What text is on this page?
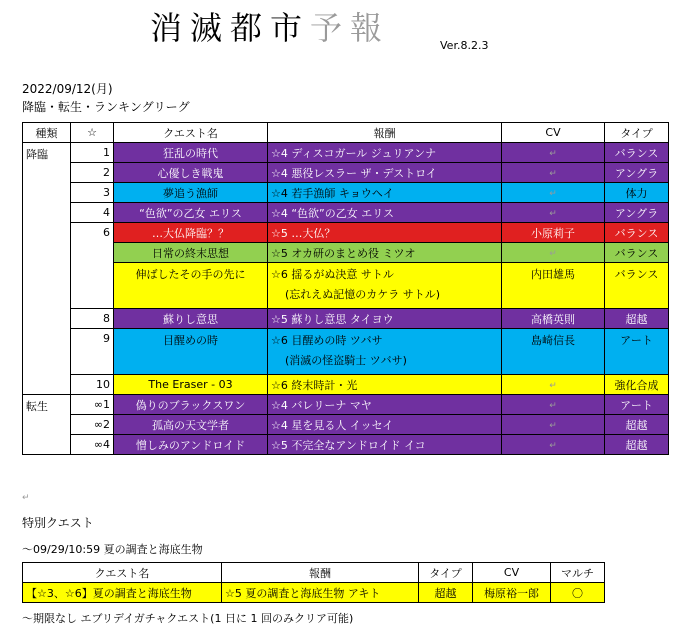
消滅都市予報	Ver.8.2.3
2022/09/12(月)
降臨・転生・ランキングリーグ
種類	☆	クエスト名	報酬	CV	タイプ
降臨	1	狂乱の時代	☆4 ディスコガール ジュリアンナ	↵	バランス
	2	心優しき戦鬼	☆4 悪役レスラー ザ・デストロイ	↵	アングラ
	3	夢追う漁師	☆4 若手漁師 キョウヘイ	↵	体力
	4	“色欲”の乙女 エリス	☆4 “色欲”の乙女 エリス	↵	アングラ
	6	…大仏降臨？？	☆5 …大仏？	小原莉子	バランス
		日常の終末思想	☆5 オカ研のまとめ役 ミツオ	↵	バランス
		伸ばしたその手の先に	☆6 揺るがぬ決意 サトル
(忘れえぬ記憶のカケラ サトル)	内田雄馬	バランス
	8	蘇りし意思	☆5 蘇りし意思 タイヨウ	高橋英則	超越
	9	目醒めの時	☆6 目醒めの時 ツバサ
(消滅の怪盗騎士 ツバサ)	島崎信長	アート
	10	The Eraser - 03	☆6 終末時計・光	↵	強化合成
転生	∞1	偽りのブラックスワン	☆4 バレリーナ マヤ	↵	アート
	∞2	孤高の天文学者	☆4 星を見る人 イッセイ	↵	超越
	∞4	憎しみのアンドロイド	☆5 不完全なアンドロイド イコ	↵	超越
↵
特別クエスト
～09/29/10:59 夏の調査と海底生物
クエスト名	報酬	タイプ	CV	マルチ
【☆3、☆6】夏の調査と海底生物	☆5 夏の調査と海底生物 アキト	超越	梅原裕一郎	〇
～期限なし エブリデイガチャクエスト(1 日に 1 回のみクリア可能)
